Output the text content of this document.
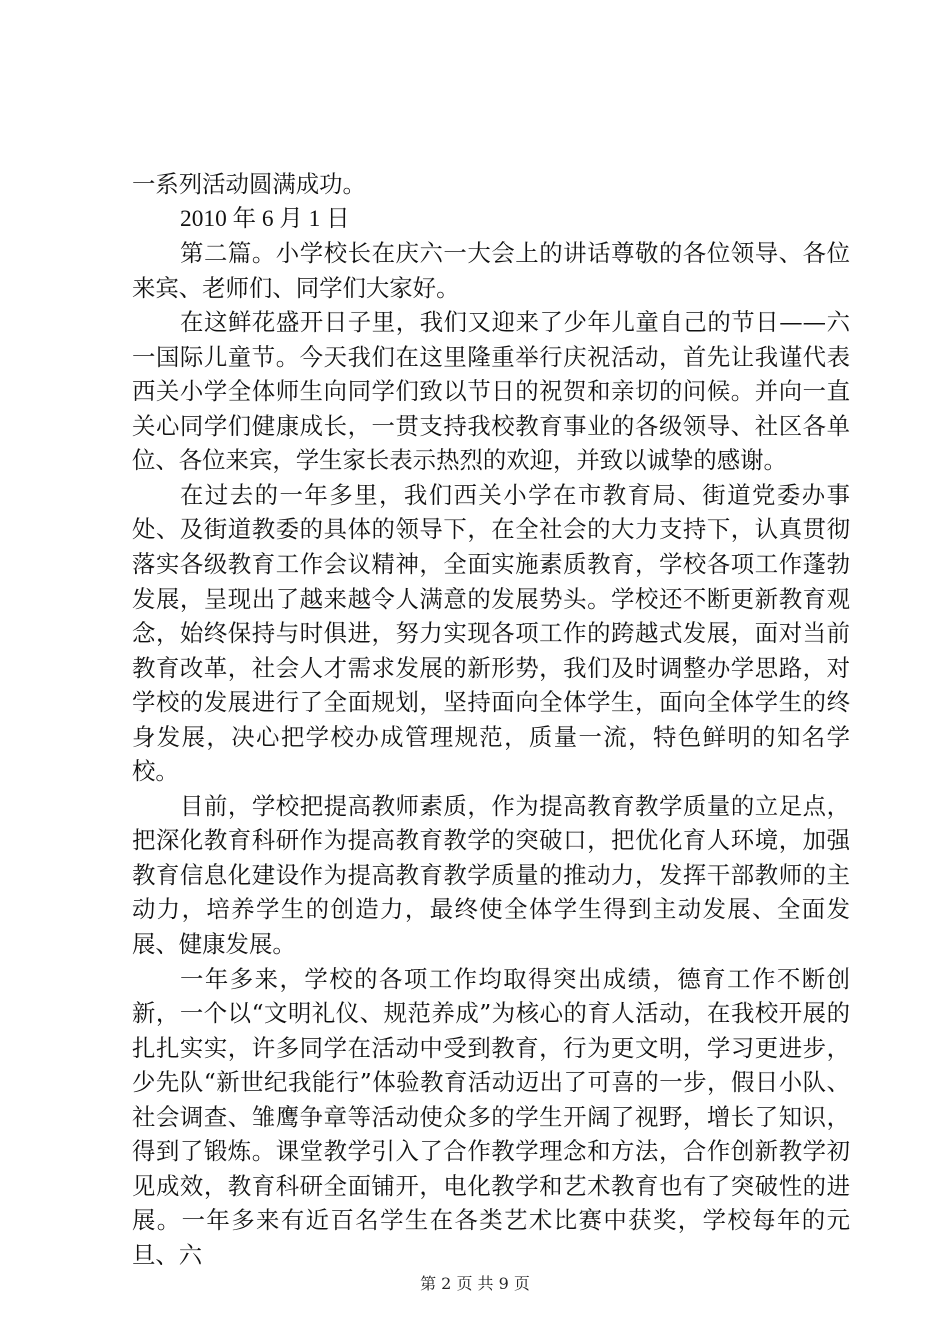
一系列活动圆满成功。

2010 年 6 月 1 日

第二篇。小学校长在庆六一大会上的讲话尊敬的各位领导、各位来宾、老师们、同学们大家好。

在这鲜花盛开日子里，我们又迎来了少年儿童自己的节日——六一国际儿童节。今天我们在这里隆重举行庆祝活动，首先让我谨代表西关小学全体师生向同学们致以节日的祝贺和亲切的问候。并向一直关心同学们健康成长，一贯支持我校教育事业的各级领导、社区各单位、各位来宾，学生家长表示热烈的欢迎，并致以诚挚的感谢。

在过去的一年多里，我们西关小学在市教育局、街道党委办事处、及街道教委的具体的领导下，在全社会的大力支持下，认真贯彻落实各级教育工作会议精神，全面实施素质教育，学校各项工作蓬勃发展，呈现出了越来越令人满意的发展势头。学校还不断更新教育观念，始终保持与时俱进，努力实现各项工作的跨越式发展，面对当前教育改革，社会人才需求发展的新形势，我们及时调整办学思路，对学校的发展进行了全面规划，坚持面向全体学生，面向全体学生的终身发展，决心把学校办成管理规范，质量一流，特色鲜明的知名学校。

目前，学校把提高教师素质，作为提高教育教学质量的立足点，把深化教育科研作为提高教育教学的突破口，把优化育人环境，加强教育信息化建设作为提高教育教学质量的推动力，发挥干部教师的主动力，培养学生的创造力，最终使全体学生得到主动发展、全面发展、健康发展。

一年多来，学校的各项工作均取得突出成绩，德育工作不断创新，一个以“文明礼仪、规范养成”为核心的育人活动，在我校开展的扎扎实实，许多同学在活动中受到教育，行为更文明，学习更进步，少先队“新世纪我能行”体验教育活动迈出了可喜的一步，假日小队、社会调查、雏鹰争章等活动使众多的学生开阔了视野，增长了知识，得到了锻炼。课堂教学引入了合作教学理念和方法，合作创新教学初见成效，教育科研全面铺开，电化教学和艺术教育也有了突破性的进展。一年多来有近百名学生在各类艺术比赛中获奖，学校每年的元旦、六

第 2 页 共 9 页
